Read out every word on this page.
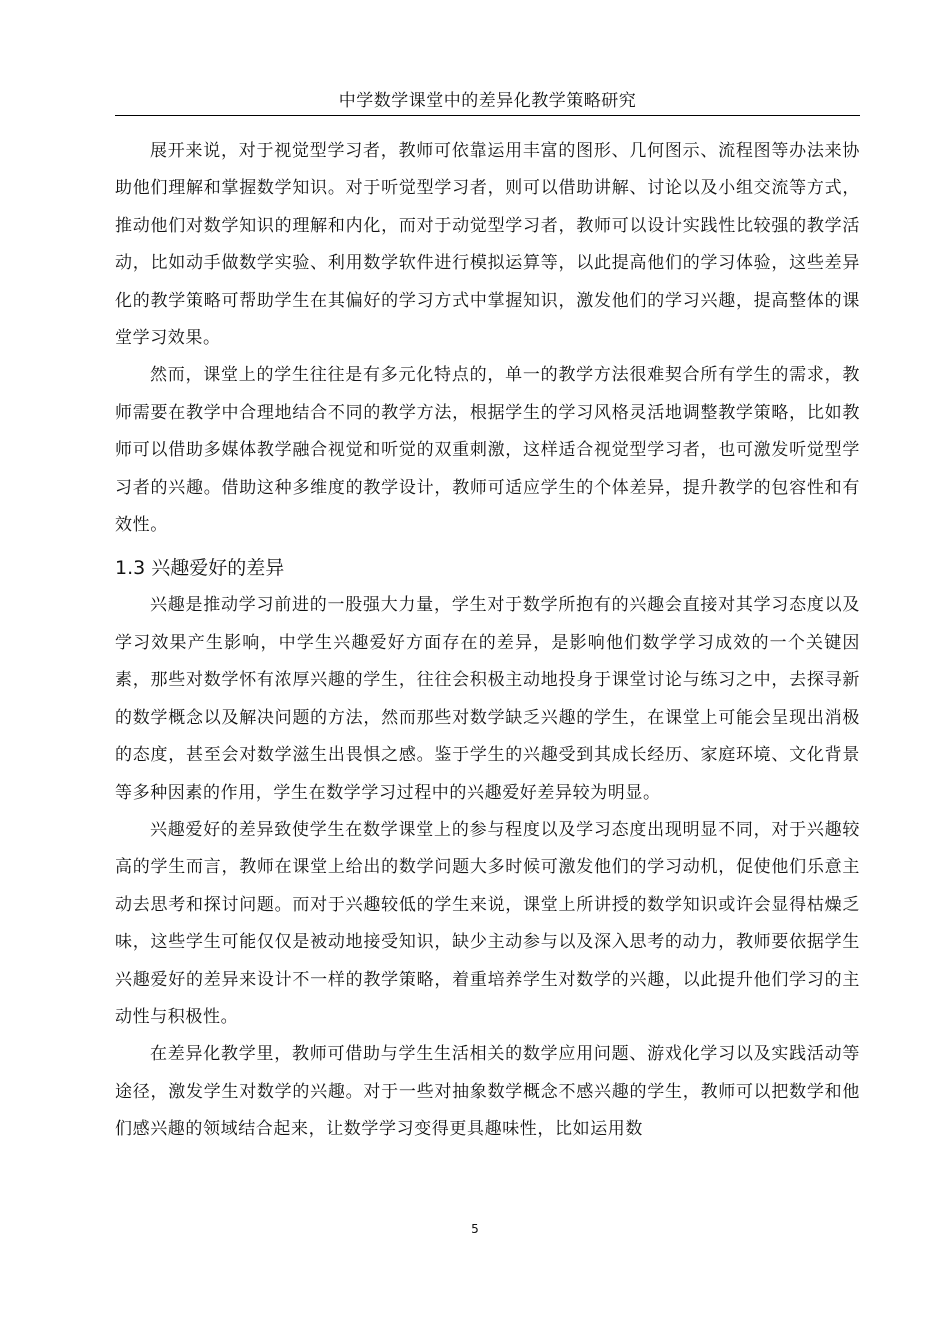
中学数学课堂中的差异化教学策略研究

展开来说，对于视觉型学习者，教师可依靠运用丰富的图形、几何图示、流程图等办法来协助他们理解和掌握数学知识。对于听觉型学习者，则可以借助讲解、讨论以及小组交流等方式，推动他们对数学知识的理解和内化，而对于动觉型学习者，教师可以设计实践性比较强的教学活动，比如动手做数学实验、利用数学软件进行模拟运算等，以此提高他们的学习体验，这些差异化的教学策略可帮助学生在其偏好的学习方式中掌握知识，激发他们的学习兴趣，提高整体的课堂学习效果。

然而，课堂上的学生往往是有多元化特点的，单一的教学方法很难契合所有学生的需求，教师需要在教学中合理地结合不同的教学方法，根据学生的学习风格灵活地调整教学策略，比如教师可以借助多媒体教学融合视觉和听觉的双重刺激，这样适合视觉型学习者，也可激发听觉型学习者的兴趣。借助这种多维度的教学设计，教师可适应学生的个体差异，提升教学的包容性和有效性。

1.3 兴趣爱好的差异

兴趣是推动学习前进的一股强大力量，学生对于数学所抱有的兴趣会直接对其学习态度以及学习效果产生影响，中学生兴趣爱好方面存在的差异，是影响他们数学学习成效的一个关键因素，那些对数学怀有浓厚兴趣的学生，往往会积极主动地投身于课堂讨论与练习之中，去探寻新的数学概念以及解决问题的方法，然而那些对数学缺乏兴趣的学生，在课堂上可能会呈现出消极的态度，甚至会对数学滋生出畏惧之感。鉴于学生的兴趣受到其成长经历、家庭环境、文化背景等多种因素的作用，学生在数学学习过程中的兴趣爱好差异较为明显。

兴趣爱好的差异致使学生在数学课堂上的参与程度以及学习态度出现明显不同，对于兴趣较高的学生而言，教师在课堂上给出的数学问题大多时候可激发他们的学习动机，促使他们乐意主动去思考和探讨问题。而对于兴趣较低的学生来说，课堂上所讲授的数学知识或许会显得枯燥乏味，这些学生可能仅仅是被动地接受知识，缺少主动参与以及深入思考的动力，教师要依据学生兴趣爱好的差异来设计不一样的教学策略，着重培养学生对数学的兴趣，以此提升他们学习的主动性与积极性。

在差异化教学里，教师可借助与学生生活相关的数学应用问题、游戏化学习以及实践活动等途径，激发学生对数学的兴趣。对于一些对抽象数学概念不感兴趣的学生，教师可以把数学和他们感兴趣的领域结合起来，让数学学习变得更具趣味性，比如运用数

5
